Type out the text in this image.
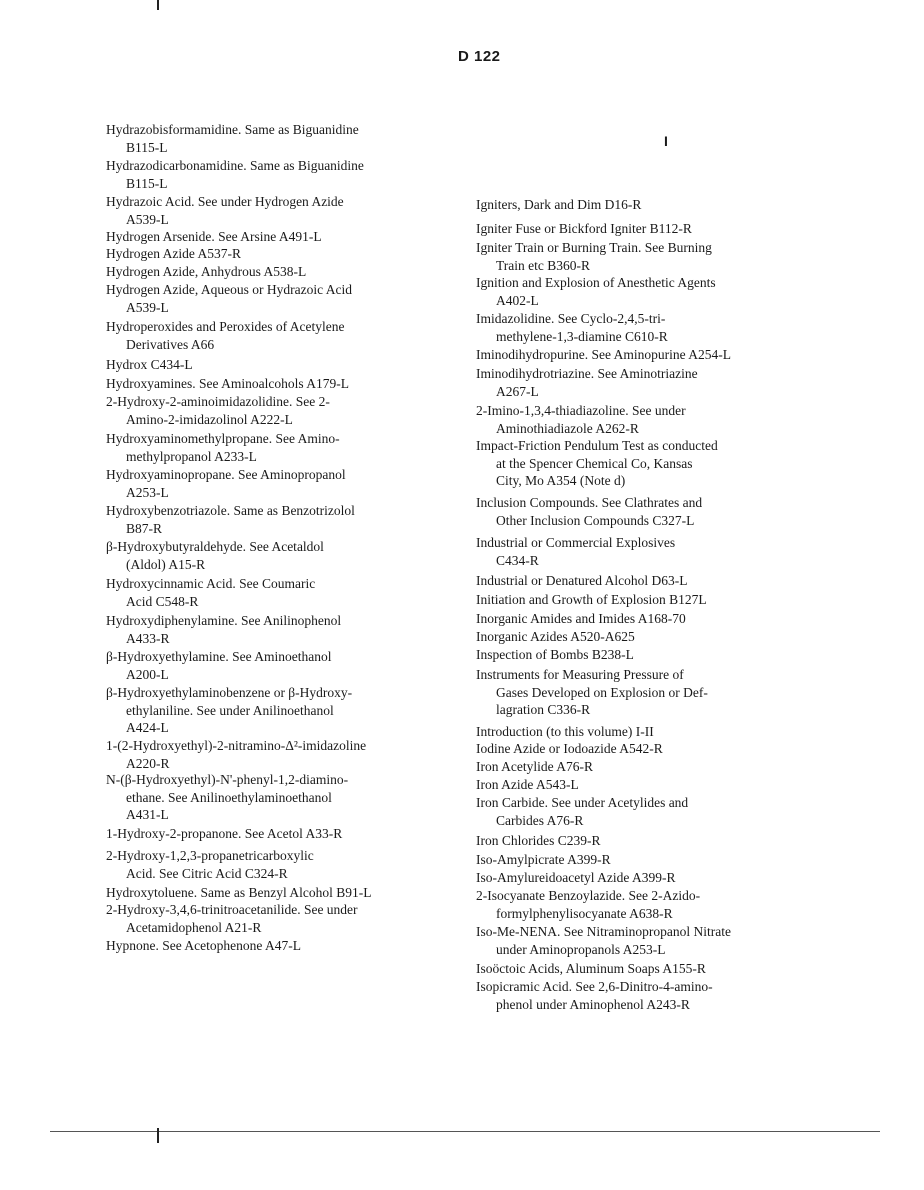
D 122
I
Hydrazobisformamidine. Same as Biguanidine
B115-L
Hydrazodicarbonamidine. Same as Biguanidine
B115-L
Hydrazoic Acid. See under Hydrogen Azide
A539-L
Hydrogen Arsenide. See Arsine A491-L
Hydrogen Azide A537-R
Hydrogen Azide, Anhydrous A538-L
Hydrogen Azide, Aqueous or Hydrazoic Acid
A539-L
Hydroperoxides and Peroxides of Acetylene
Derivatives A66
Hydrox C434-L
Hydroxyamines. See Aminoalcohols A179-L
2-Hydroxy-2-aminoimidazolidine. See 2-
Amino-2-imidazolinol A222-L
Hydroxyaminomethylpropane. See Amino-
methylpropanol A233-L
Hydroxyaminopropane. See Aminopropanol
A253-L
Hydroxybenzotriazole. Same as Benzotrizolol
B87-R
β-Hydroxybutyraldehyde. See Acetaldol
(Aldol) A15-R
Hydroxycinnamic Acid. See Coumaric
Acid C548-R
Hydroxydiphenylamine. See Anilinophenol
A433-R
β-Hydroxyethylamine. See Aminoethanol
A200-L
β-Hydroxyethylaminobenzene or β-Hydroxy-
ethylaniline. See under Anilinoethanol
A424-L
1-(2-Hydroxyethyl)-2-nitramino-Δ²-imidazoline
A220-R
N-(β-Hydroxyethyl)-N'-phenyl-1,2-diamino-
ethane. See Anilinoethylaminoethanol
A431-L
1-Hydroxy-2-propanone. See Acetol A33-R
2-Hydroxy-1,2,3-propanetricarboxylic
Acid. See Citric Acid C324-R
Hydroxytoluene. Same as Benzyl Alcohol B91-L
2-Hydroxy-3,4,6-trinitroacetanilide. See under
Acetamidophenol A21-R
Hypnone. See Acetophenone A47-L
Igniters, Dark and Dim D16-R
Igniter Fuse or Bickford Igniter B112-R
Igniter Train or Burning Train. See Burning
Train etc B360-R
Ignition and Explosion of Anesthetic Agents
A402-L
Imidazolidine. See Cyclo-2,4,5-tri-
methylene-1,3-diamine C610-R
Iminodihydropurine. See Aminopurine A254-L
Iminodihydrotriazine. See Aminotriazine
A267-L
2-Imino-1,3,4-thiadiazoline. See under
Aminothiadiazole A262-R
Impact-Friction Pendulum Test as conducted
at the Spencer Chemical Co, Kansas
City, Mo A354 (Note d)
Inclusion Compounds. See Clathrates and
Other Inclusion Compounds C327-L
Industrial or Commercial Explosives
C434-R
Industrial or Denatured Alcohol D63-L
Initiation and Growth of Explosion B127L
Inorganic Amides and Imides A168-70
Inorganic Azides A520-A625
Inspection of Bombs B238-L
Instruments for Measuring Pressure of
Gases Developed on Explosion or Def-
lagration C336-R
Introduction (to this volume) I-II
Iodine Azide or Iodoazide A542-R
Iron Acetylide A76-R
Iron Azide A543-L
Iron Carbide. See under Acetylides and
Carbides A76-R
Iron Chlorides C239-R
Iso-Amylpicrate A399-R
Iso-Amylureidoacetyl Azide A399-R
2-Isocyanate Benzoylazide. See 2-Azido-
formylphenylisocyanate A638-R
Iso-Me-NENA. See Nitraminopropanol Nitrate
under Aminopropanols A253-L
Isoöctoic Acids, Aluminum Soaps A155-R
Isopicramic Acid. See 2,6-Dinitro-4-amino-
phenol under Aminophenol A243-R
